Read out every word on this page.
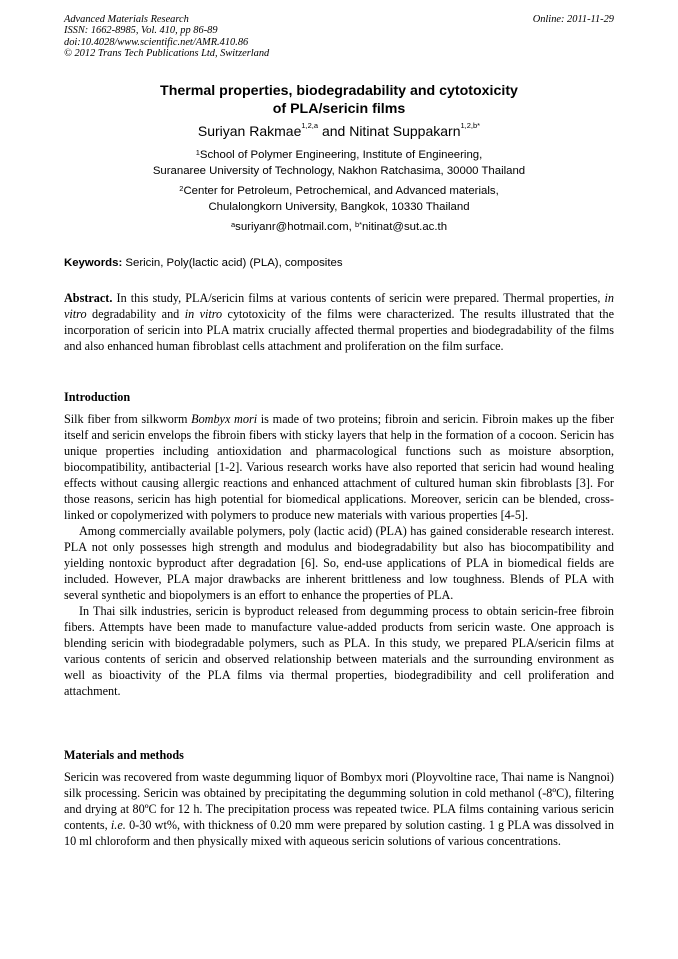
Advanced Materials Research
ISSN: 1662-8985, Vol. 410, pp 86-89
doi:10.4028/www.scientific.net/AMR.410.86
© 2012 Trans Tech Publications Ltd, Switzerland
Online: 2011-11-29
Thermal properties, biodegradability and cytotoxicity
of PLA/sericin films
Suriyan Rakmae$^{1,2,a}$ and Nitinat Suppakarn$^{1,2,b*}$
$^1$School of Polymer Engineering, Institute of Engineering,
Suranaree University of Technology, Nakhon Ratchasima, 30000 Thailand
$^2$Center for Petroleum, Petrochemical, and Advanced materials,
Chulalongkorn University, Bangkok, 10330 Thailand
$^a$suriyanr@hotmail.com, $^{b*}$nitinat@sut.ac.th
Keywords: Sericin, Poly(lactic acid) (PLA), composites

Abstract. In this study, PLA/sericin films at various contents of sericin were prepared. Thermal properties, in vitro degradability and in vitro cytotoxicity of the films were characterized. The results illustrated that the incorporation of sericin into PLA matrix crucially affected thermal properties and biodegradability of the films and also enhanced human fibroblast cells attachment and proliferation on the film surface.

Introduction

Silk fiber from silkworm Bombyx mori is made of two proteins; fibroin and sericin. Fibroin makes up the fiber itself and sericin envelops the fibroin fibers with sticky layers that help in the formation of a cocoon. Sericin has unique properties including antioxidation and pharmacological functions such as moisture absorption, biocompatibility, antibacterial [1-2]. Various research works have also reported that sericin had wound healing effects without causing allergic reactions and enhanced attachment of cultured human skin fibroblasts [3]. For those reasons, sericin has high potential for biomedical applications. Moreover, sericin can be blended, cross-linked or copolymerized with polymers to produce new materials with various properties [4-5].

Among commercially available polymers, poly (lactic acid) (PLA) has gained considerable research interest. PLA not only possesses high strength and modulus and biodegradability but also has biocompatibility and yielding nontoxic byproduct after degradation [6]. So, end-use applications of PLA in biomedical fields are included. However, PLA major drawbacks are inherent brittleness and low toughness. Blends of PLA with several synthetic and biopolymers is an effort to enhance the properties of PLA.

In Thai silk industries, sericin is byproduct released from degumming process to obtain sericin-free fibroin fibers. Attempts have been made to manufacture value-added products from sericin waste. One approach is blending sericin with biodegradable polymers, such as PLA. In this study, we prepared PLA/sericin films at various contents of sericin and observed relationship between materials and the surrounding environment as well as bioactivity of the PLA films via thermal properties, biodegradibility and cell proliferation and attachment.

Materials and methods

Sericin was recovered from waste degumming liquor of Bombyx mori (Ployvoltine race, Thai name is Nangnoi) silk processing. Sericin was obtained by precipitating the degumming solution in cold methanol (-8ºC), filtering and drying at 80ºC for 12 h. The precipitation process was repeated twice. PLA films containing various sericin contents, i.e. 0-30 wt%, with thickness of 0.20 mm were prepared by solution casting. 1 g PLA was dissolved in 10 ml chloroform and then physically mixed with aqueous sericin solutions of various concentrations.
